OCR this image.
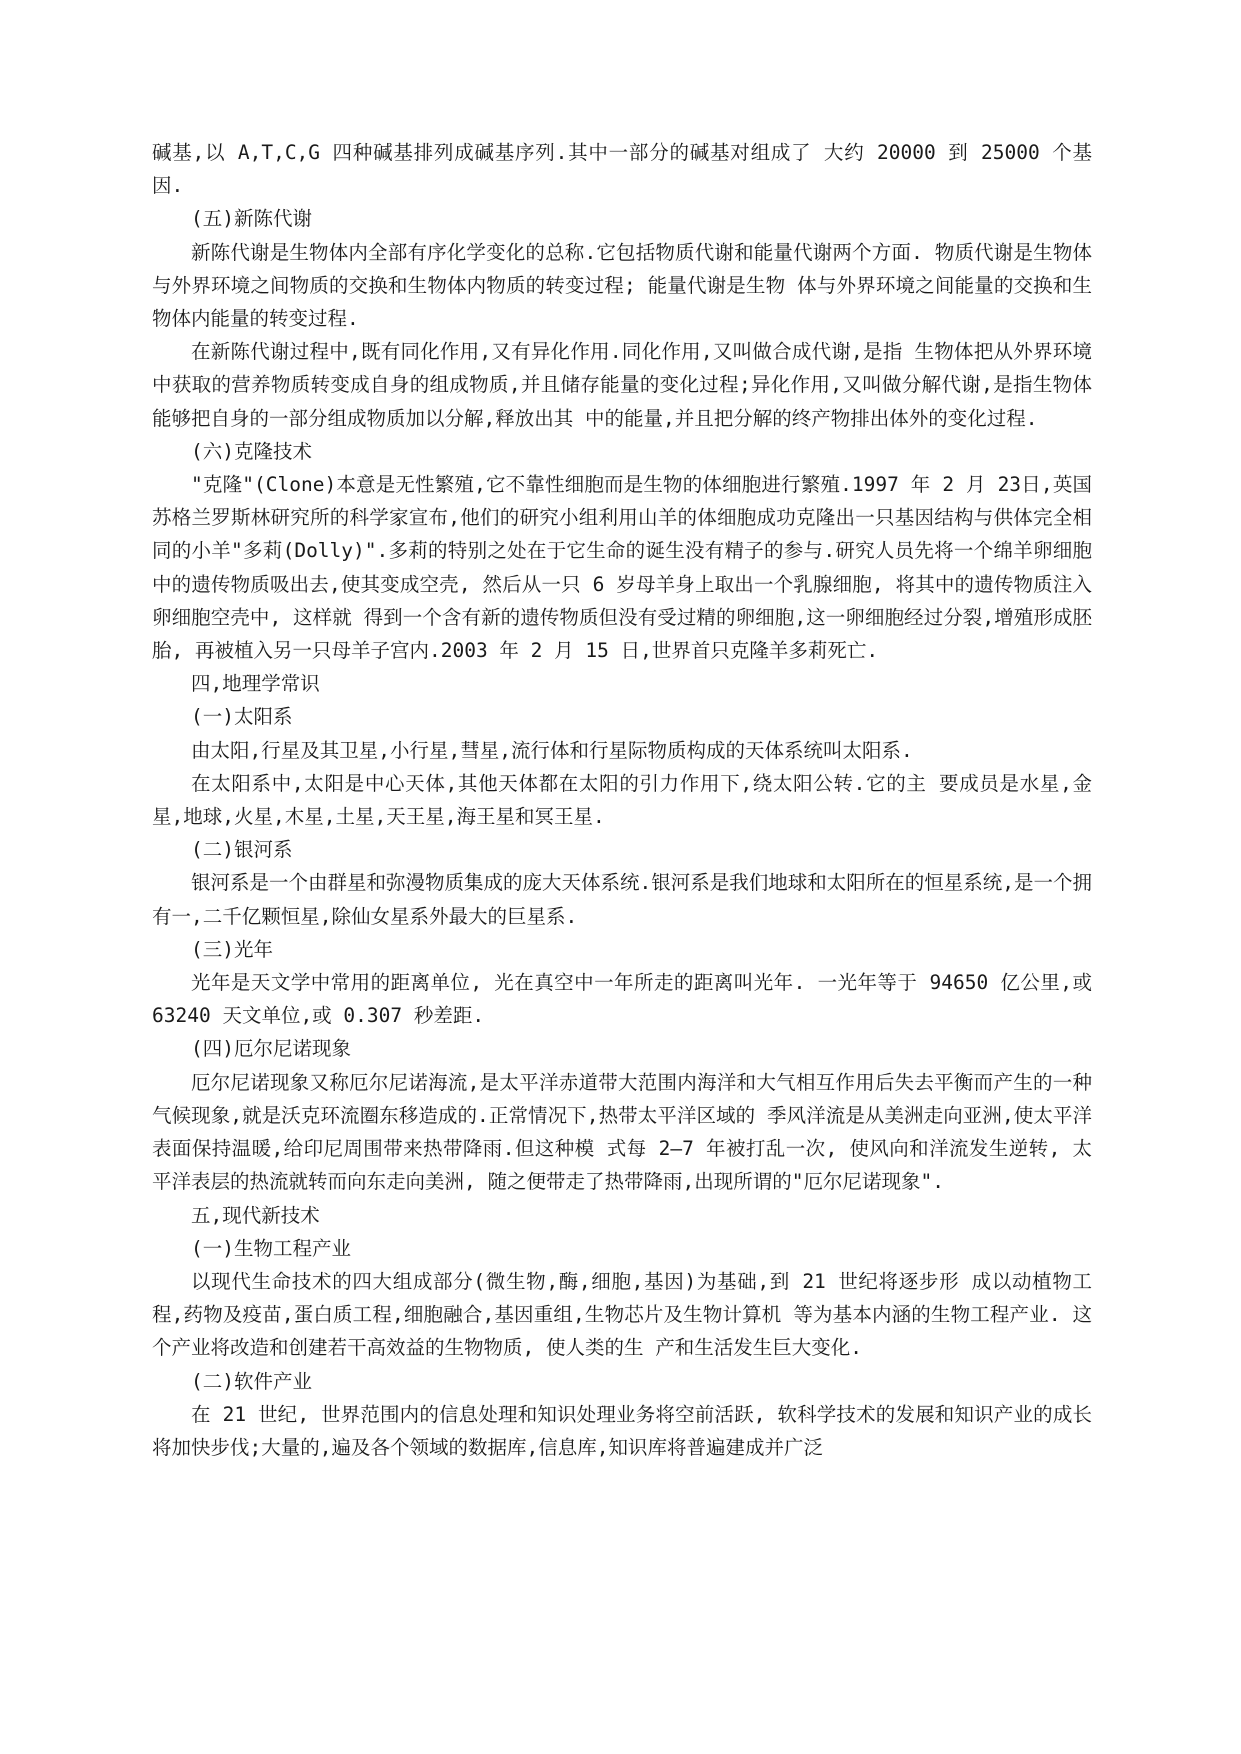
碱基,以 A,T,C,G 四种碱基排列成碱基序列.其中一部分的碱基对组成了 大约 20000 到 25000 个基因.

(五)新陈代谢

新陈代谢是生物体内全部有序化学变化的总称.它包括物质代谢和能量代谢两个方面. 物质代谢是生物体与外界环境之间物质的交换和生物体内物质的转变过程; 能量代谢是生物 体与外界环境之间能量的交换和生物体内能量的转变过程.

在新陈代谢过程中,既有同化作用,又有异化作用.同化作用,又叫做合成代谢,是指 生物体把从外界环境中获取的营养物质转变成自身的组成物质,并且储存能量的变化过程;异化作用,又叫做分解代谢,是指生物体能够把自身的一部分组成物质加以分解,释放出其 中的能量,并且把分解的终产物排出体外的变化过程.

(六)克隆技术

"克隆"(Clone)本意是无性繁殖,它不靠性细胞而是生物的体细胞进行繁殖.1997 年 2 月 23日,英国苏格兰罗斯林研究所的科学家宣布,他们的研究小组利用山羊的体细胞成功克隆出一只基因结构与供体完全相同的小羊"多莉(Dolly)".多莉的特别之处在于它生命的诞生没有精子的参与.研究人员先将一个绵羊卵细胞中的遗传物质吸出去,使其变成空壳, 然后从一只 6 岁母羊身上取出一个乳腺细胞, 将其中的遗传物质注入卵细胞空壳中, 这样就 得到一个含有新的遗传物质但没有受过精的卵细胞,这一卵细胞经过分裂,增殖形成胚胎, 再被植入另一只母羊子宫内.2003 年 2 月 15 日,世界首只克隆羊多莉死亡.

四,地理学常识

(一)太阳系

由太阳,行星及其卫星,小行星,彗星,流行体和行星际物质构成的天体系统叫太阳系.

在太阳系中,太阳是中心天体,其他天体都在太阳的引力作用下,绕太阳公转.它的主 要成员是水星,金星,地球,火星,木星,土星,天王星,海王星和冥王星.

(二)银河系

银河系是一个由群星和弥漫物质集成的庞大天体系统.银河系是我们地球和太阳所在的恒星系统,是一个拥有一,二千亿颗恒星,除仙女星系外最大的巨星系.

(三)光年

光年是天文学中常用的距离单位, 光在真空中一年所走的距离叫光年. 一光年等于 94650 亿公里,或 63240 天文单位,或 0.307 秒差距.

(四)厄尔尼诺现象

厄尔尼诺现象又称厄尔尼诺海流,是太平洋赤道带大范围内海洋和大气相互作用后失去平衡而产生的一种气候现象,就是沃克环流圈东移造成的.正常情况下,热带太平洋区域的 季风洋流是从美洲走向亚洲,使太平洋表面保持温暖,给印尼周围带来热带降雨.但这种模 式每 2—7 年被打乱一次, 使风向和洋流发生逆转, 太平洋表层的热流就转而向东走向美洲, 随之便带走了热带降雨,出现所谓的"厄尔尼诺现象".

五,现代新技术

(一)生物工程产业

以现代生命技术的四大组成部分(微生物,酶,细胞,基因)为基础,到 21 世纪将逐步形 成以动植物工程,药物及疫苗,蛋白质工程,细胞融合,基因重组,生物芯片及生物计算机 等为基本内涵的生物工程产业. 这个产业将改造和创建若干高效益的生物物质, 使人类的生 产和生活发生巨大变化.

(二)软件产业

在 21 世纪, 世界范围内的信息处理和知识处理业务将空前活跃, 软科学技术的发展和知识产业的成长将加快步伐;大量的,遍及各个领域的数据库,信息库,知识库将普遍建成并广泛
